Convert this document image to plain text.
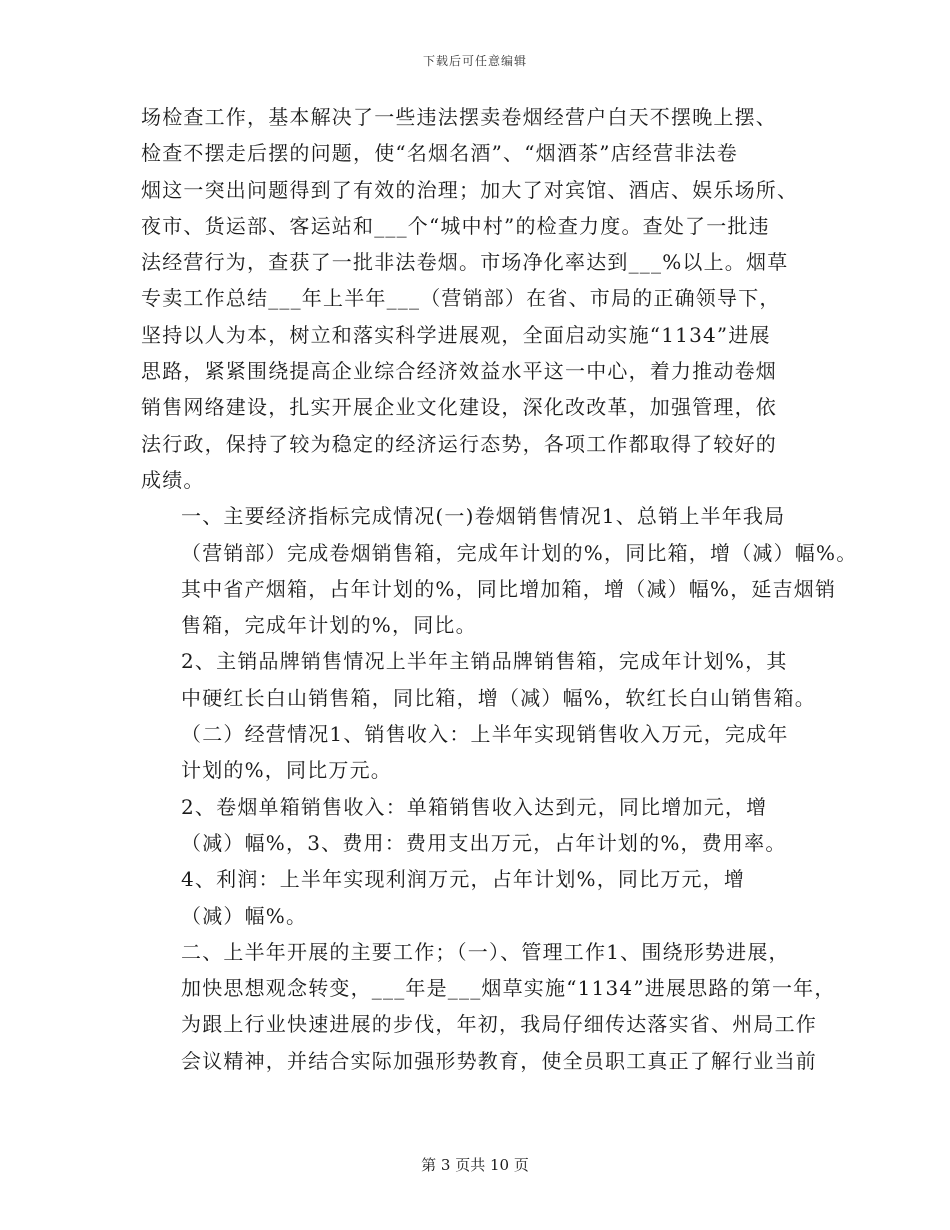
下载后可任意编辑

场检查工作，基本解决了一些违法摆卖卷烟经营户白天不摆晚上摆、
检查不摆走后摆的问题，使“名烟名酒”、“烟酒茶”店经营非法卷
烟这一突出问题得到了有效的治理；加大了对宾馆、酒店、娱乐场所、
夜市、货运部、客运站和___个“城中村”的检查力度。查处了一批违
法经营行为，查获了一批非法卷烟。市场净化率达到___%以上。烟草
专卖工作总结___年上半年___（营销部）在省、市局的正确领导下，
坚持以人为本，树立和落实科学进展观，全面启动实施“1134”进展
思路，紧紧围绕提高企业综合经济效益水平这一中心，着力推动卷烟
销售网络建设，扎实开展企业文化建设，深化改改革，加强管理，依
法行政，保持了较为稳定的经济运行态势，各项工作都取得了较好的
成绩。

一、主要经济指标完成情况(一)卷烟销售情况1、总销上半年我局
（营销部）完成卷烟销售箱，完成年计划的%，同比箱，增（减）幅%。
其中省产烟箱，占年计划的%，同比增加箱，增（减）幅%，延吉烟销
售箱，完成年计划的%，同比。

2、主销品牌销售情况上半年主销品牌销售箱，完成年计划%，其
中硬红长白山销售箱，同比箱，增（减）幅%，软红长白山销售箱。

（二）经营情况1、销售收入：上半年实现销售收入万元，完成年
计划的%，同比万元。

2、卷烟单箱销售收入：单箱销售收入达到元，同比增加元，增
（减）幅%，3、费用：费用支出万元，占年计划的%，费用率。

4、利润：上半年实现利润万元，占年计划%，同比万元，增
（减）幅%。

二、上半年开展的主要工作；（一）、管理工作1、围绕形势进展，
加快思想观念转变，___年是___烟草实施“1134”进展思路的第一年，
为跟上行业快速进展的步伐，年初，我局仔细传达落实省、州局工作
会议精神，并结合实际加强形势教育，使全员职工真正了解行业当前

第 3 页共 10 页
